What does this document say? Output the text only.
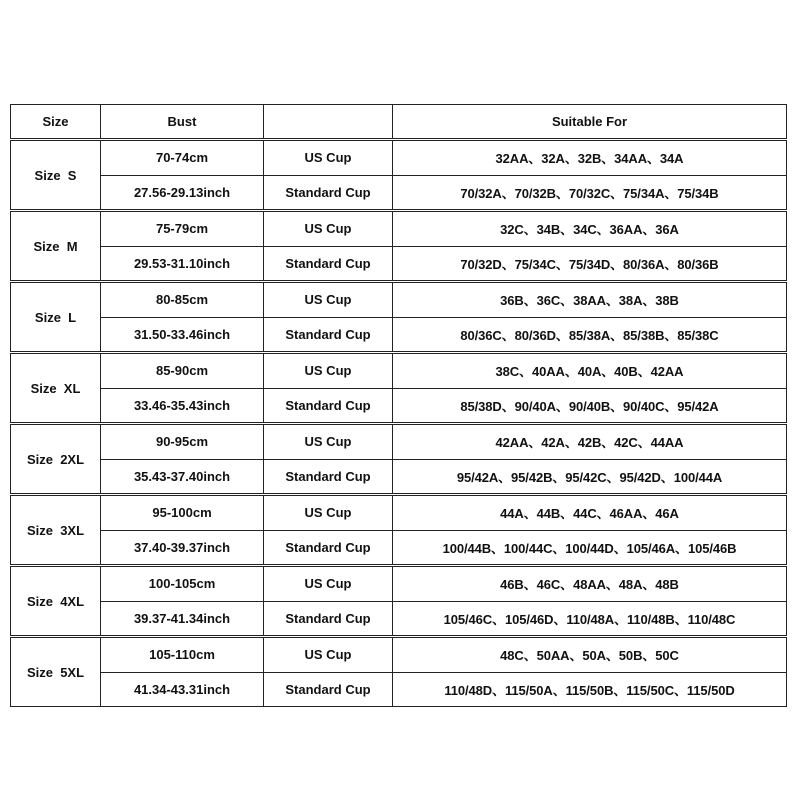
Size	Bust		Suitable For
Size  S	70-74cm	US Cup	32AA、32A、32B、34AA、34A
	27.56-29.13inch	Standard Cup	70/32A、70/32B、70/32C、75/34A、75/34B
Size  M	75-79cm	US Cup	32C、34B、34C、36AA、36A
	29.53-31.10inch	Standard Cup	70/32D、75/34C、75/34D、80/36A、80/36B
Size  L	80-85cm	US Cup	36B、36C、38AA、38A、38B
	31.50-33.46inch	Standard Cup	80/36C、80/36D、85/38A、85/38B、85/38C
Size  XL	85-90cm	US Cup	38C、40AA、40A、40B、42AA
	33.46-35.43inch	Standard Cup	85/38D、90/40A、90/40B、90/40C、95/42A
Size  2XL	90-95cm	US Cup	42AA、42A、42B、42C、44AA
	35.43-37.40inch	Standard Cup	95/42A、95/42B、95/42C、95/42D、100/44A
Size  3XL	95-100cm	US Cup	44A、44B、44C、46AA、46A
	37.40-39.37inch	Standard Cup	100/44B、100/44C、100/44D、105/46A、105/46B
Size  4XL	100-105cm	US Cup	46B、46C、48AA、48A、48B
	39.37-41.34inch	Standard Cup	105/46C、105/46D、110/48A、110/48B、110/48C
Size  5XL	105-110cm	US Cup	48C、50AA、50A、50B、50C
	41.34-43.31inch	Standard Cup	110/48D、115/50A、115/50B、115/50C、115/50D
